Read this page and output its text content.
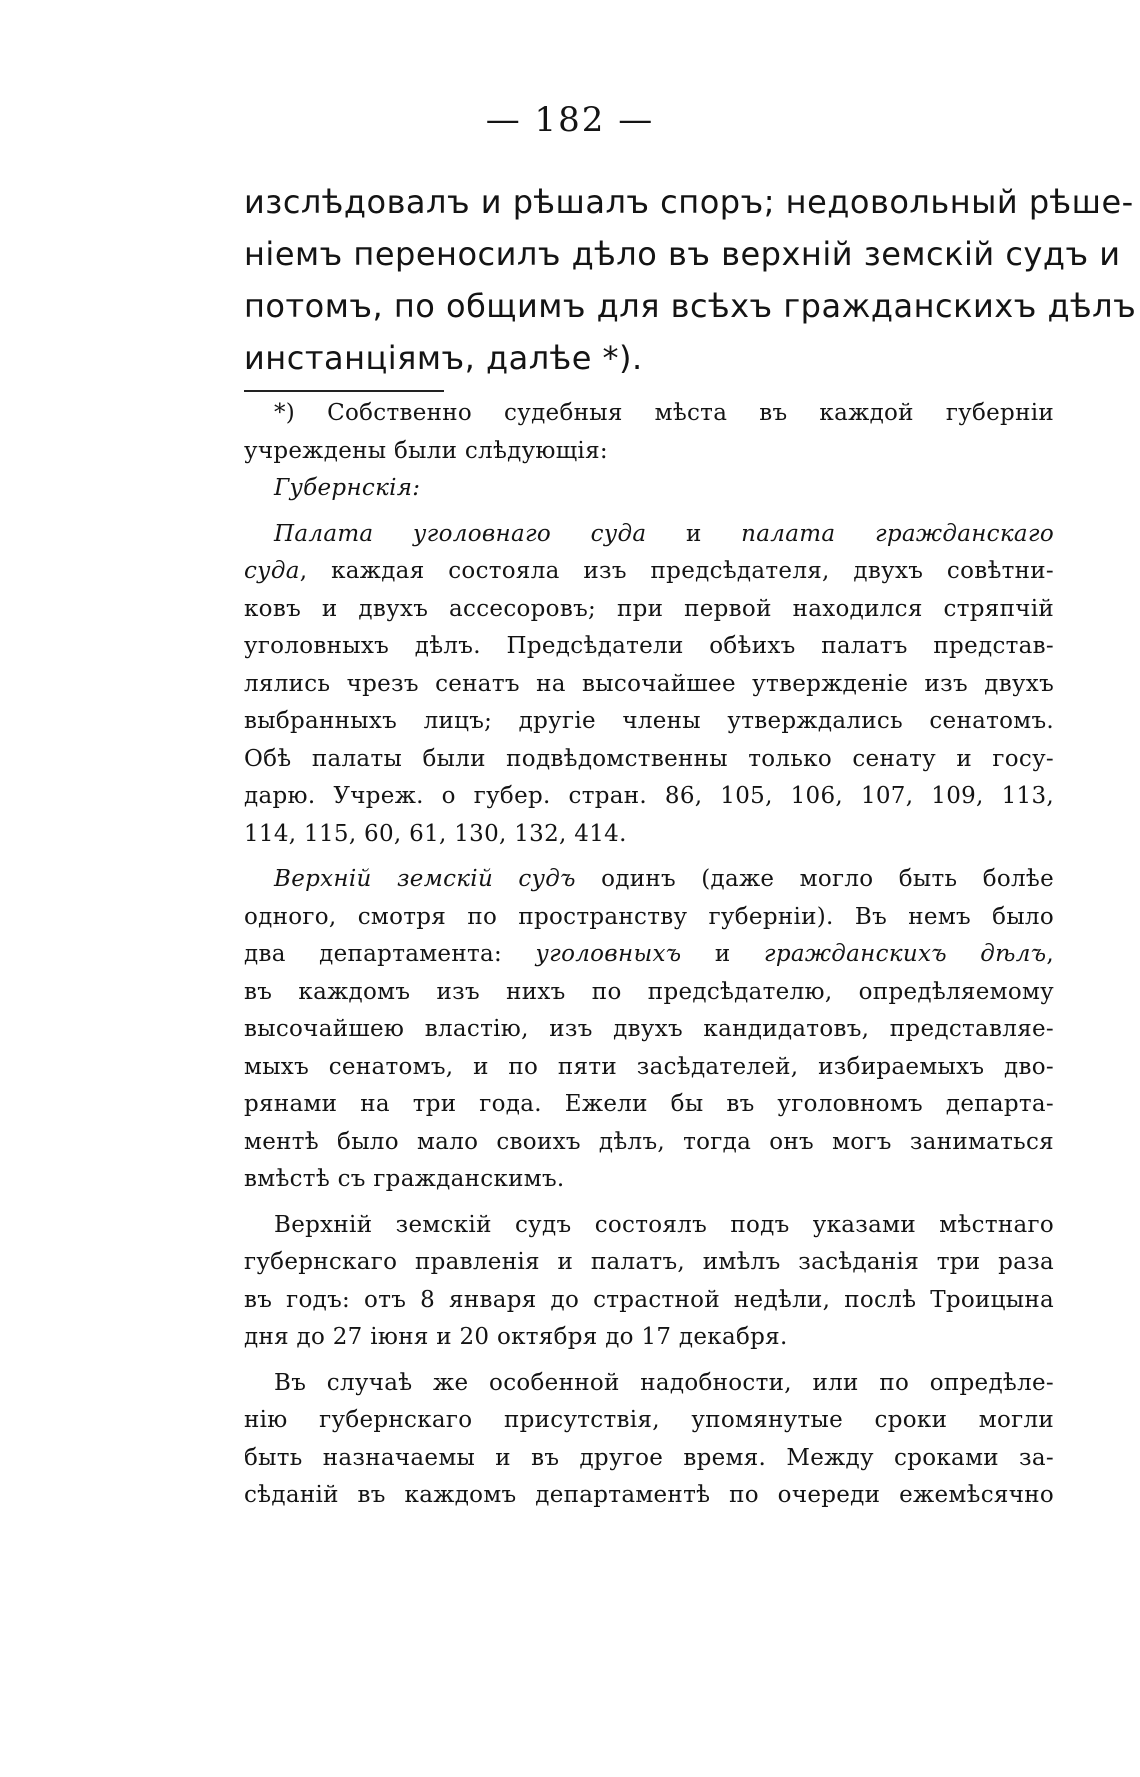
— 182 —
изслѣдовалъ и рѣшалъ споръ; недовольный рѣше-
ніемъ переносилъ дѣло въ верхній земскій судъ и
потомъ, по общимъ для всѣхъ гражданскихъ дѣлъ
инстанціямъ, далѣе *).
*) Собственно судебныя мѣста въ каждой губерніи
учреждены были слѣдующія:
Губернскія:
Палата уголовнаго суда и палата гражданскаго
суда, каждая состояла изъ предсѣдателя, двухъ совѣтни-
ковъ и двухъ ассесоровъ; при первой находился стряпчій
уголовныхъ дѣлъ. Предсѣдатели обѣихъ палатъ представ-
лялись чрезъ сенатъ на высочайшее утвержденіе изъ двухъ
выбранныхъ лицъ; другіе члены утверждались сенатомъ.
Обѣ палаты были подвѣдомственны только сенату и госу-
дарю. Учреж. о губер. стран. 86, 105, 106, 107, 109, 113,
114, 115, 60, 61, 130, 132, 414.
Верхній земскій судъ одинъ (даже могло быть болѣе
одного, смотря по пространству губерніи). Въ немъ было
два департамента: уголовныхъ и гражданскихъ дѣлъ,
въ каждомъ изъ нихъ по предсѣдателю, опредѣляемому
высочайшею властію, изъ двухъ кандидатовъ, представляе-
мыхъ сенатомъ, и по пяти засѣдателей, избираемыхъ дво-
рянами на три года. Ежели бы въ уголовномъ департа-
ментѣ было мало своихъ дѣлъ, тогда онъ могъ заниматься
вмѣстѣ съ гражданскимъ.
Верхній земскій судъ состоялъ подъ указами мѣстнаго
губернскаго правленія и палатъ, имѣлъ засѣданія три раза
въ годъ: отъ 8 января до страстной недѣли, послѣ Троицына
дня до 27 іюня и 20 октября до 17 декабря.
Въ случаѣ же особенной надобности, или по опредѣле-
нію губернскаго присутствія, упомянутые сроки могли
быть назначаемы и въ другое время. Между сроками за-
сѣданій въ каждомъ департаментѣ по очереди ежемѣсячно
